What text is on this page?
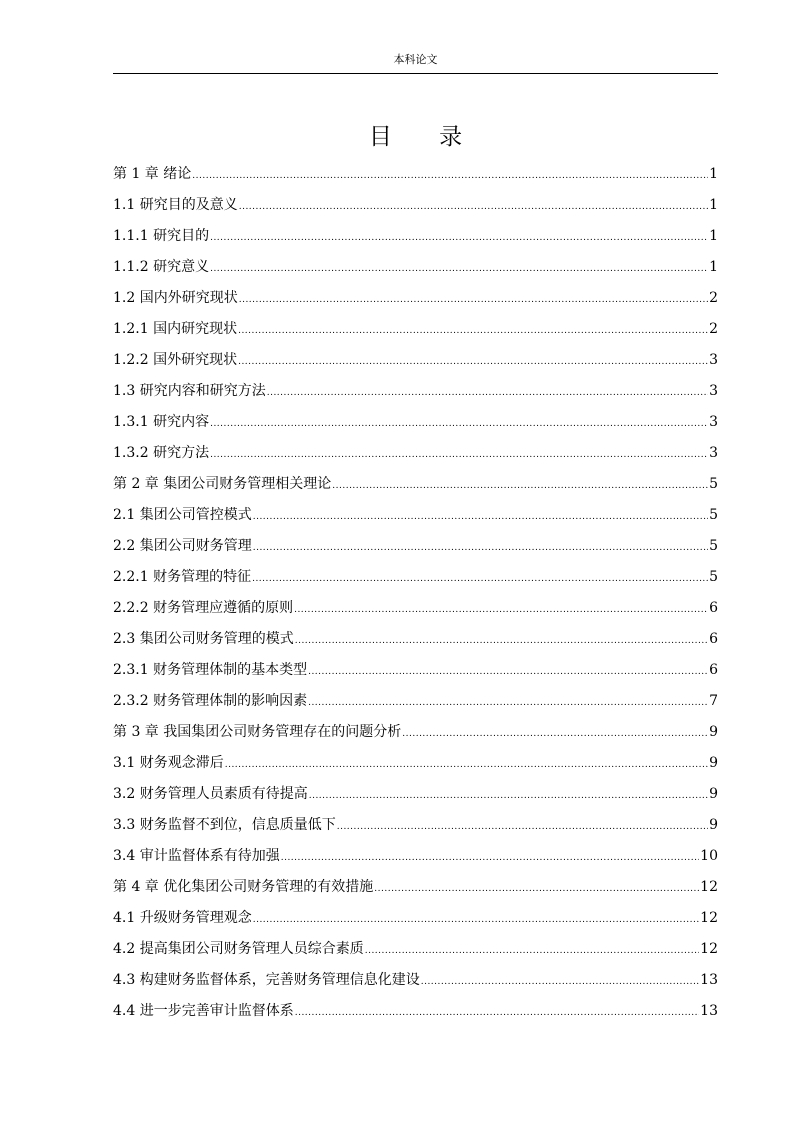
本科论文
目 录
第 1 章 绪论 .....	1
1.1 研究目的及意义 .....	1
1.1.1 研究目的 .....	1
1.1.2 研究意义 .....	1
1.2 国内外研究现状 .....	2
1.2.1 国内研究现状 .....	2
1.2.2 国外研究现状 .....	3
1.3 研究内容和研究方法 .....	3
1.3.1 研究内容 .....	3
1.3.2 研究方法 .....	3
第 2 章 集团公司财务管理相关理论 .....	5
2.1 集团公司管控模式 .....	5
2.2 集团公司财务管理 .....	5
2.2.1 财务管理的特征 .....	5
2.2.2 财务管理应遵循的原则 .....	6
2.3 集团公司财务管理的模式 .....	6
2.3.1 财务管理体制的基本类型 .....	6
2.3.2 财务管理体制的影响因素 .....	7
第 3 章 我国集团公司财务管理存在的问题分析 .....	9
3.1 财务观念滞后 .....	9
3.2 财务管理人员素质有待提高 .....	9
3.3 财务监督不到位，信息质量低下 .....	9
3.4 审计监督体系有待加强 .....	10
第 4 章 优化集团公司财务管理的有效措施 .....	12
4.1 升级财务管理观念 .....	12
4.2 提高集团公司财务管理人员综合素质 .....	12
4.3 构建财务监督体系，完善财务管理信息化建设 .....	13
4.4 进一步完善审计监督体系 .....	13
